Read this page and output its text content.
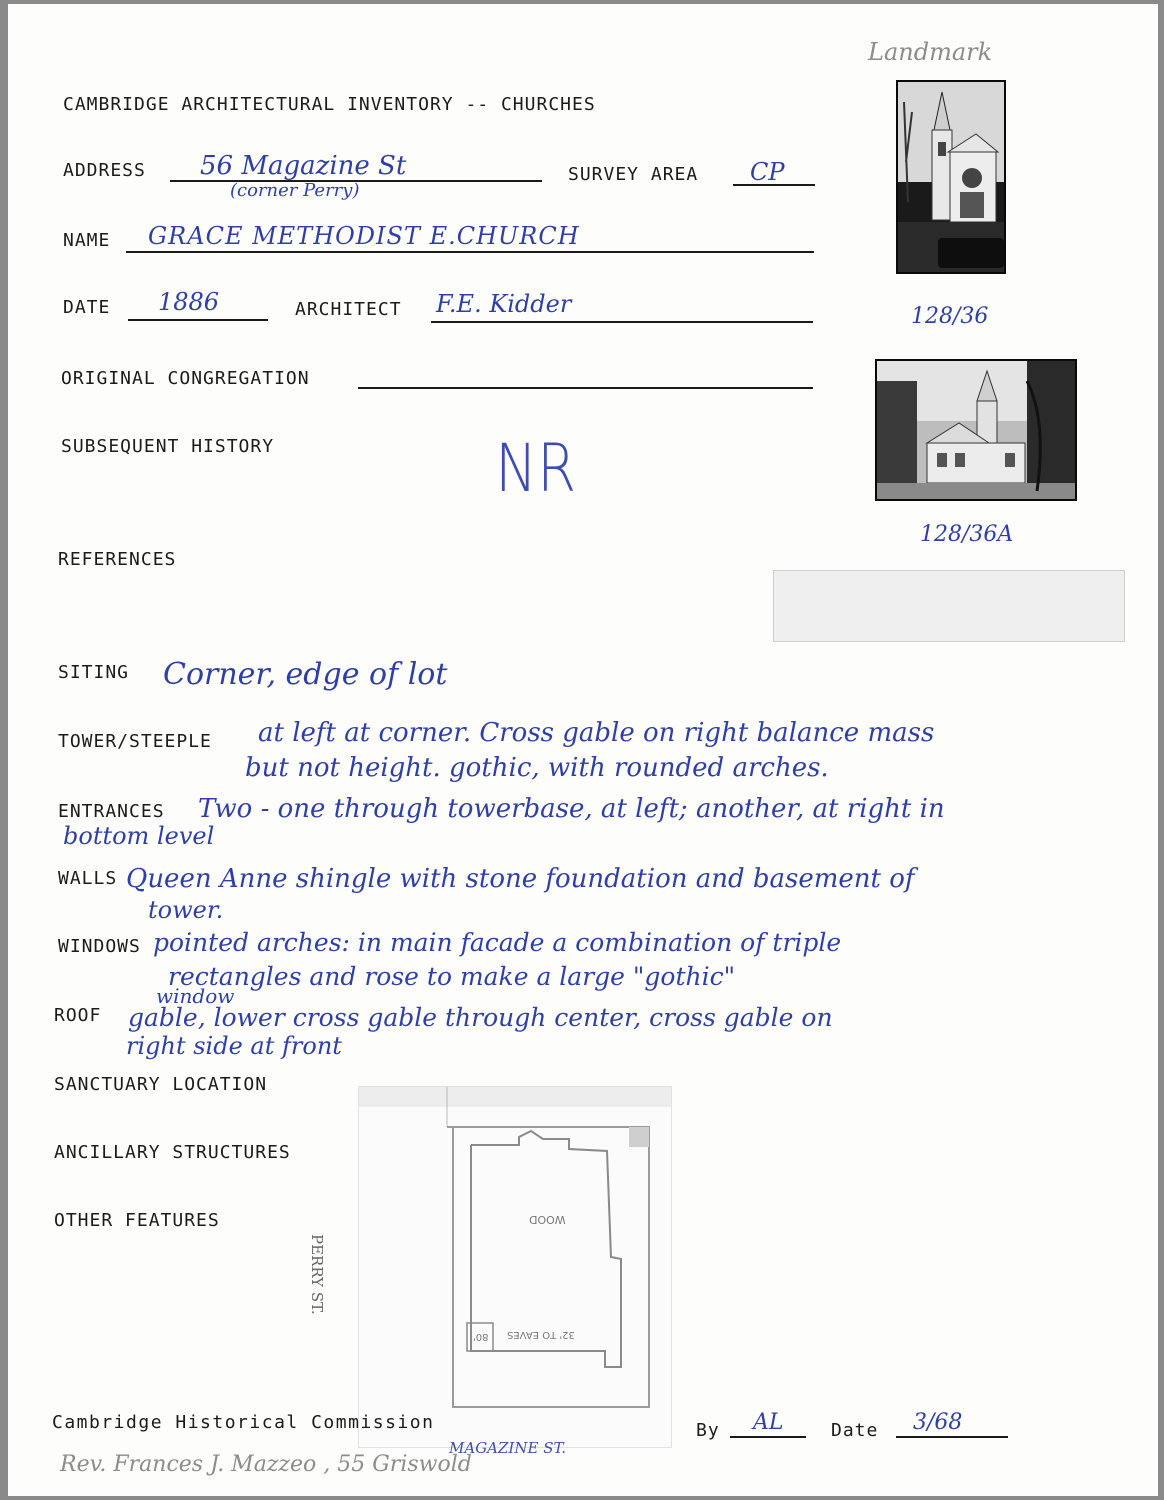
CAMBRIDGE ARCHITECTURAL INVENTORY -- CHURCHES
Landmark
ADDRESS 56 Magazine St
(corner Perry)
SURVEY AREA CP
NAME GRACE METHODIST E.CHURCH
128/36
DATE 1886	ARCHITECT F.E. Kidder
ORIGINAL CONGREGATION
128/36A
SUBSEQUENT HISTORY	NR
REFERENCES
SITING Corner, edge of lot
TOWER/STEEPLE at left at corner. Cross gable on right balance mass
but not height. gothic, with rounded arches.
ENTRANCES Two - one through towerbase, at left; another, at right in
bottom level
WALLS Queen Anne shingle with stone foundation and basement of
tower.
WINDOWS pointed arches: in main facade a combination of triple
rectangles and rose to make a large "gothic"
window
ROOF gable, lower cross gable through center, cross gable on
right side at front
SANCTUARY LOCATION
ANCILLARY STRUCTURES
OTHER FEATURES	WOOD
32' TO EAVES
80'
MAGAZINE ST.
PERRY ST.
Cambridge Historical Commission	By AL	Date 3/68
Rev. Frances J. Mazzeo , 55 Griswold
